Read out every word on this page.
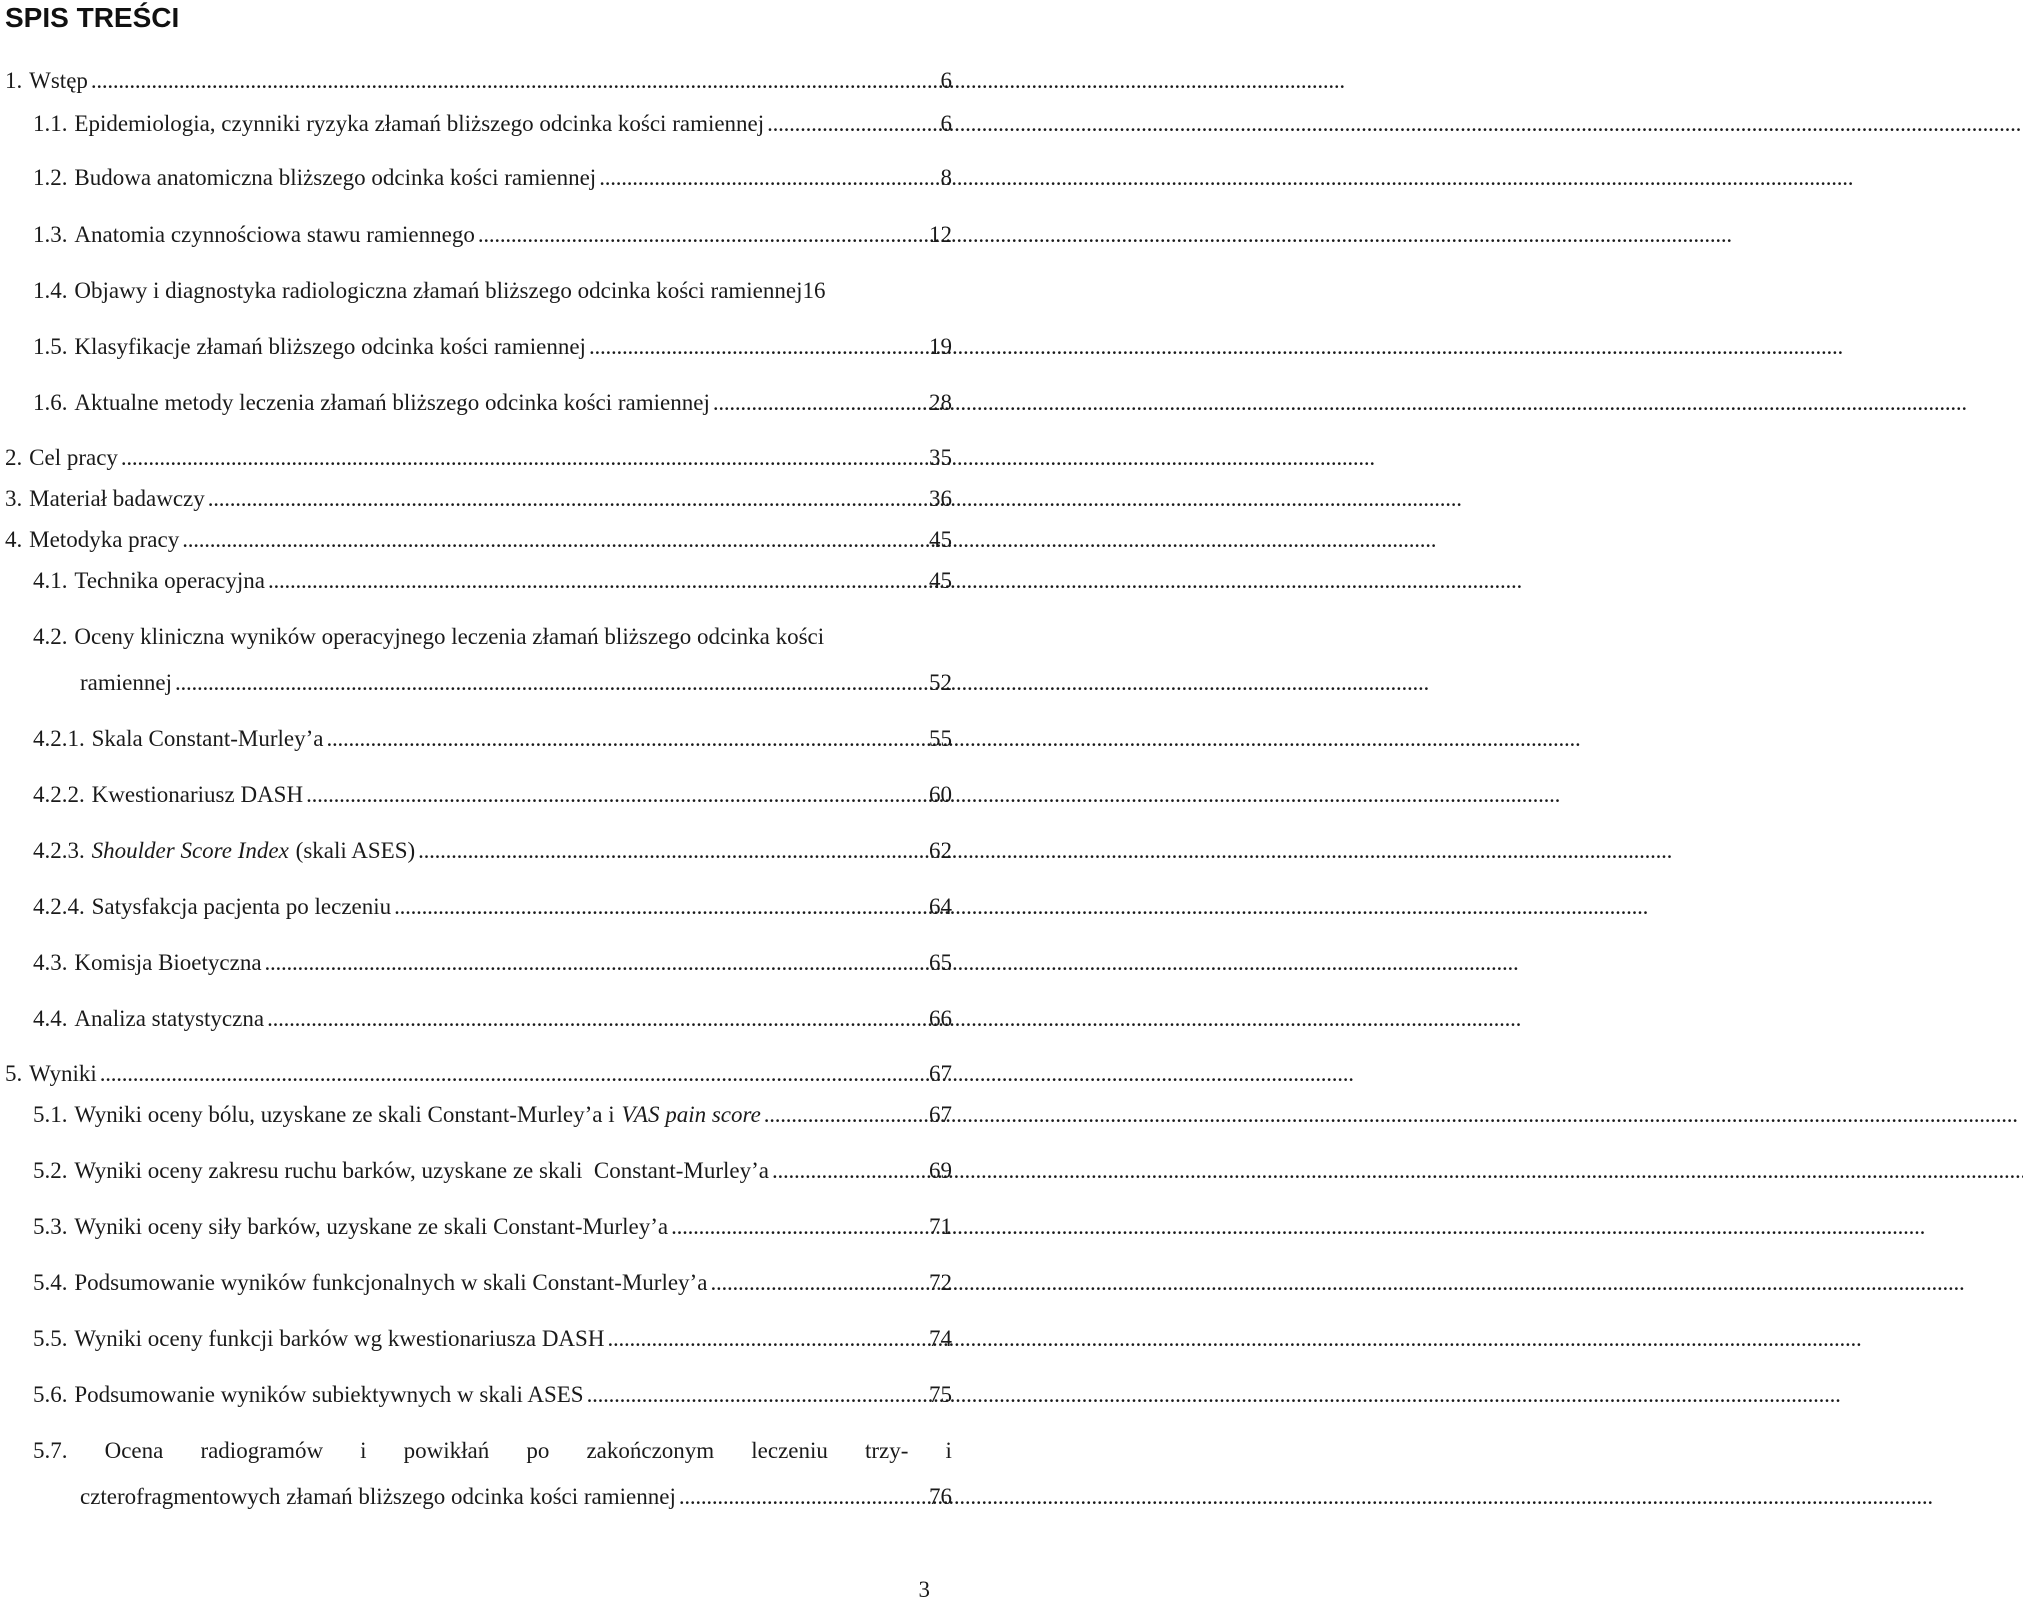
SPIS TREŚCI
1. Wstęp . . .	6
1.1. Epidemiologia, czynniki ryzyka złamań bliższego odcinka kości ramiennej . . .	6
1.2. Budowa anatomiczna bliższego odcinka kości ramiennej . . .	8
1.3. Anatomia czynnościowa stawu ramiennego . . .	12
1.4. Objawy i diagnostyka radiologiczna złamań bliższego odcinka kości ramiennej 16
1.5. Klasyfikacje złamań bliższego odcinka kości ramiennej . . .	19
1.6. Aktualne metody leczenia złamań bliższego odcinka kości ramiennej . . .	28
2. Cel pracy . . .	35
3. Materiał badawczy . . .	36
4. Metodyka pracy . . .	45
4.1. Technika operacyjna . . .	45
4.2. Oceny kliniczna wyników operacyjnego leczenia złamań bliższego odcinka kości
ramiennej . . .	52
4.2.1. Skala Constant-Murley’a . . .	55
4.2.2. Kwestionariusz DASH . . .	60
4.2.3. Shoulder Score Index (skali ASES) . . .	62
4.2.4. Satysfakcja pacjenta po leczeniu . . .	64
4.3. Komisja Bioetyczna . . .	65
4.4. Analiza statystyczna . . .	66
5. Wyniki . . .	67
5.1. Wyniki oceny bólu, uzyskane ze skali Constant-Murley’a i VAS pain score . . .	67
5.2. Wyniki oceny zakresu ruchu barków, uzyskane ze skali  Constant-Murley’a . . .	69
5.3. Wyniki oceny siły barków, uzyskane ze skali Constant-Murley’a . . .	71
5.4. Podsumowanie wyników funkcjonalnych w skali Constant-Murley’a . . .	72
5.5. Wyniki oceny funkcji barków wg kwestionariusza DASH . . .	74
5.6. Podsumowanie wyników subiektywnych w skali ASES . . .	75
5.7. Ocena radiogramów i powikłań po zakończonym leczeniu trzy- i
czterofragmentowych złamań bliższego odcinka kości ramiennej . . .	76
3
